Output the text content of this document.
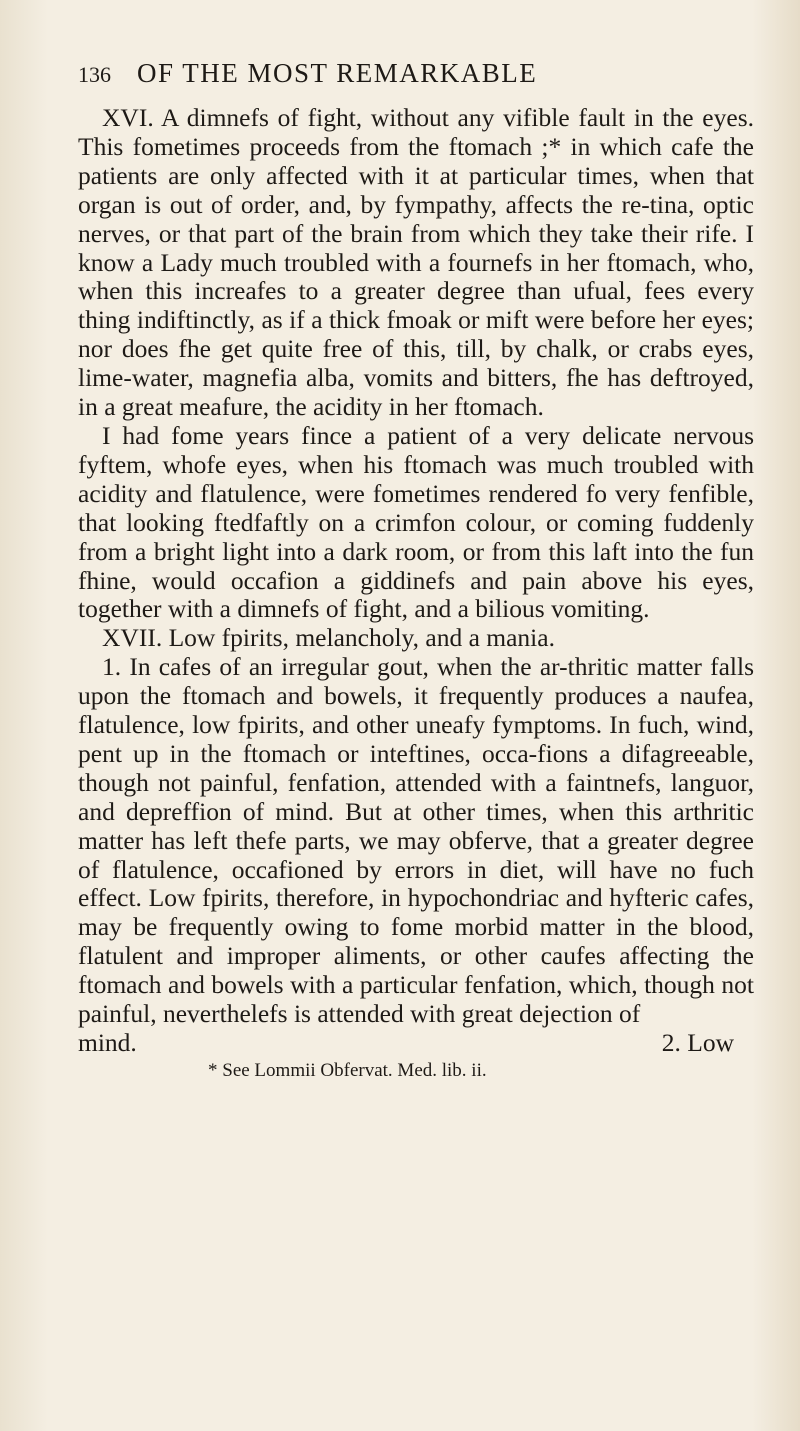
136 OF THE MOST REMARKABLE

XVI. A dimnefs of fight, without any vifible fault in the eyes. This fometimes proceeds from the ftomach ;* in which cafe the patients are only affected with it at particular times, when that organ is out of order, and, by fympathy, affects the re-tina, optic nerves, or that part of the brain from which they take their rife. I know a Lady much troubled with a fournefs in her ftomach, who, when this increafes to a greater degree than ufual, fees every thing indiftinctly, as if a thick fmoak or mift were before her eyes; nor does fhe get quite free of this, till, by chalk, or crabs eyes, lime-water, magnefia alba, vomits and bitters, fhe has deftroyed, in a great meafure, the acidity in her ftomach.

I had fome years fince a patient of a very delicate nervous fyftem, whofe eyes, when his ftomach was much troubled with acidity and flatulence, were fometimes rendered fo very fenfible, that looking ftedfaftly on a crimfon colour, or coming fuddenly from a bright light into a dark room, or from this laft into the fun fhine, would occafion a giddinefs and pain above his eyes, together with a dimnefs of fight, and a bilious vomiting.

XVII. Low fpirits, melancholy, and a mania.

1. In cafes of an irregular gout, when the ar-thritic matter falls upon the ftomach and bowels, it frequently produces a naufea, flatulence, low fpirits, and other uneafy fymptoms. In fuch, wind, pent up in the ftomach or inteftines, occa-fions a difagreeable, though not painful, fenfation, attended with a faintnefs, languor, and depreffion of mind. But at other times, when this arthritic matter has left thefe parts, we may obferve, that a greater degree of flatulence, occafioned by errors in diet, will have no fuch effect. Low fpirits, therefore, in hypochondriac and hyfteric cafes, may be frequently owing to fome morbid matter in the blood, flatulent and improper aliments, or other caufes affecting the ftomach and bowels with a particular fenfation, which, though not painful, neverthelefs is attended with great dejection of

mind.	2. Low
* See Lommii Obfervat. Med. lib. ii.
